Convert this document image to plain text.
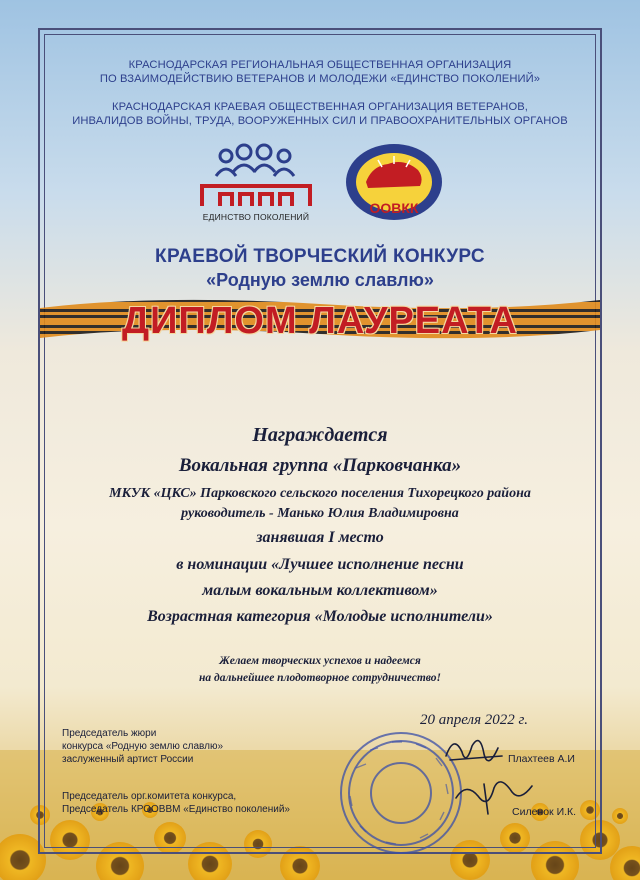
КРАСНОДАРСКАЯ РЕГИОНАЛЬНАЯ ОБЩЕСТВЕННАЯ ОРГАНИЗАЦИЯ
ПО ВЗАИМОДЕЙСТВИЮ ВЕТЕРАНОВ И МОЛОДЕЖИ «ЕДИНСТВО ПОКОЛЕНИЙ»
КРАСНОДАРСКАЯ КРАЕВАЯ ОБЩЕСТВЕННАЯ ОРГАНИЗАЦИЯ ВЕТЕРАНОВ,
ИНВАЛИДОВ ВОЙНЫ, ТРУДА, ВООРУЖЕННЫХ СИЛ И ПРАВООХРАНИТЕЛЬНЫХ ОРГАНОВ
ЕДИНСТВО ПОКОЛЕНИЙ
ООВКК
КРАЕВОЙ ТВОРЧЕСКИЙ КОНКУРС
«Родную землю славлю»
ДИПЛОМ ЛАУРЕАТА
Награждается
Вокальная группа «Парковчанка»
МКУК «ЦКС» Парковского сельского поселения Тихорецкого района
руководитель - Манько Юлия Владимировна
занявшая I место
в номинации «Лучшее исполнение песни
малым вокальным коллективом»
Возрастная категория «Молодые исполнители»
Желаем творческих успехов и надеемся
на дальнейшее плодотворное сотрудничество!
20 апреля 2022 г.
Председатель жюри
конкурса «Родную землю славлю»
заслуженный артист России	Плахтеев А.И
Председатель орг.комитета конкурса,
Председатель КРООВВМ «Единство поколений»	Силенок И.К.
